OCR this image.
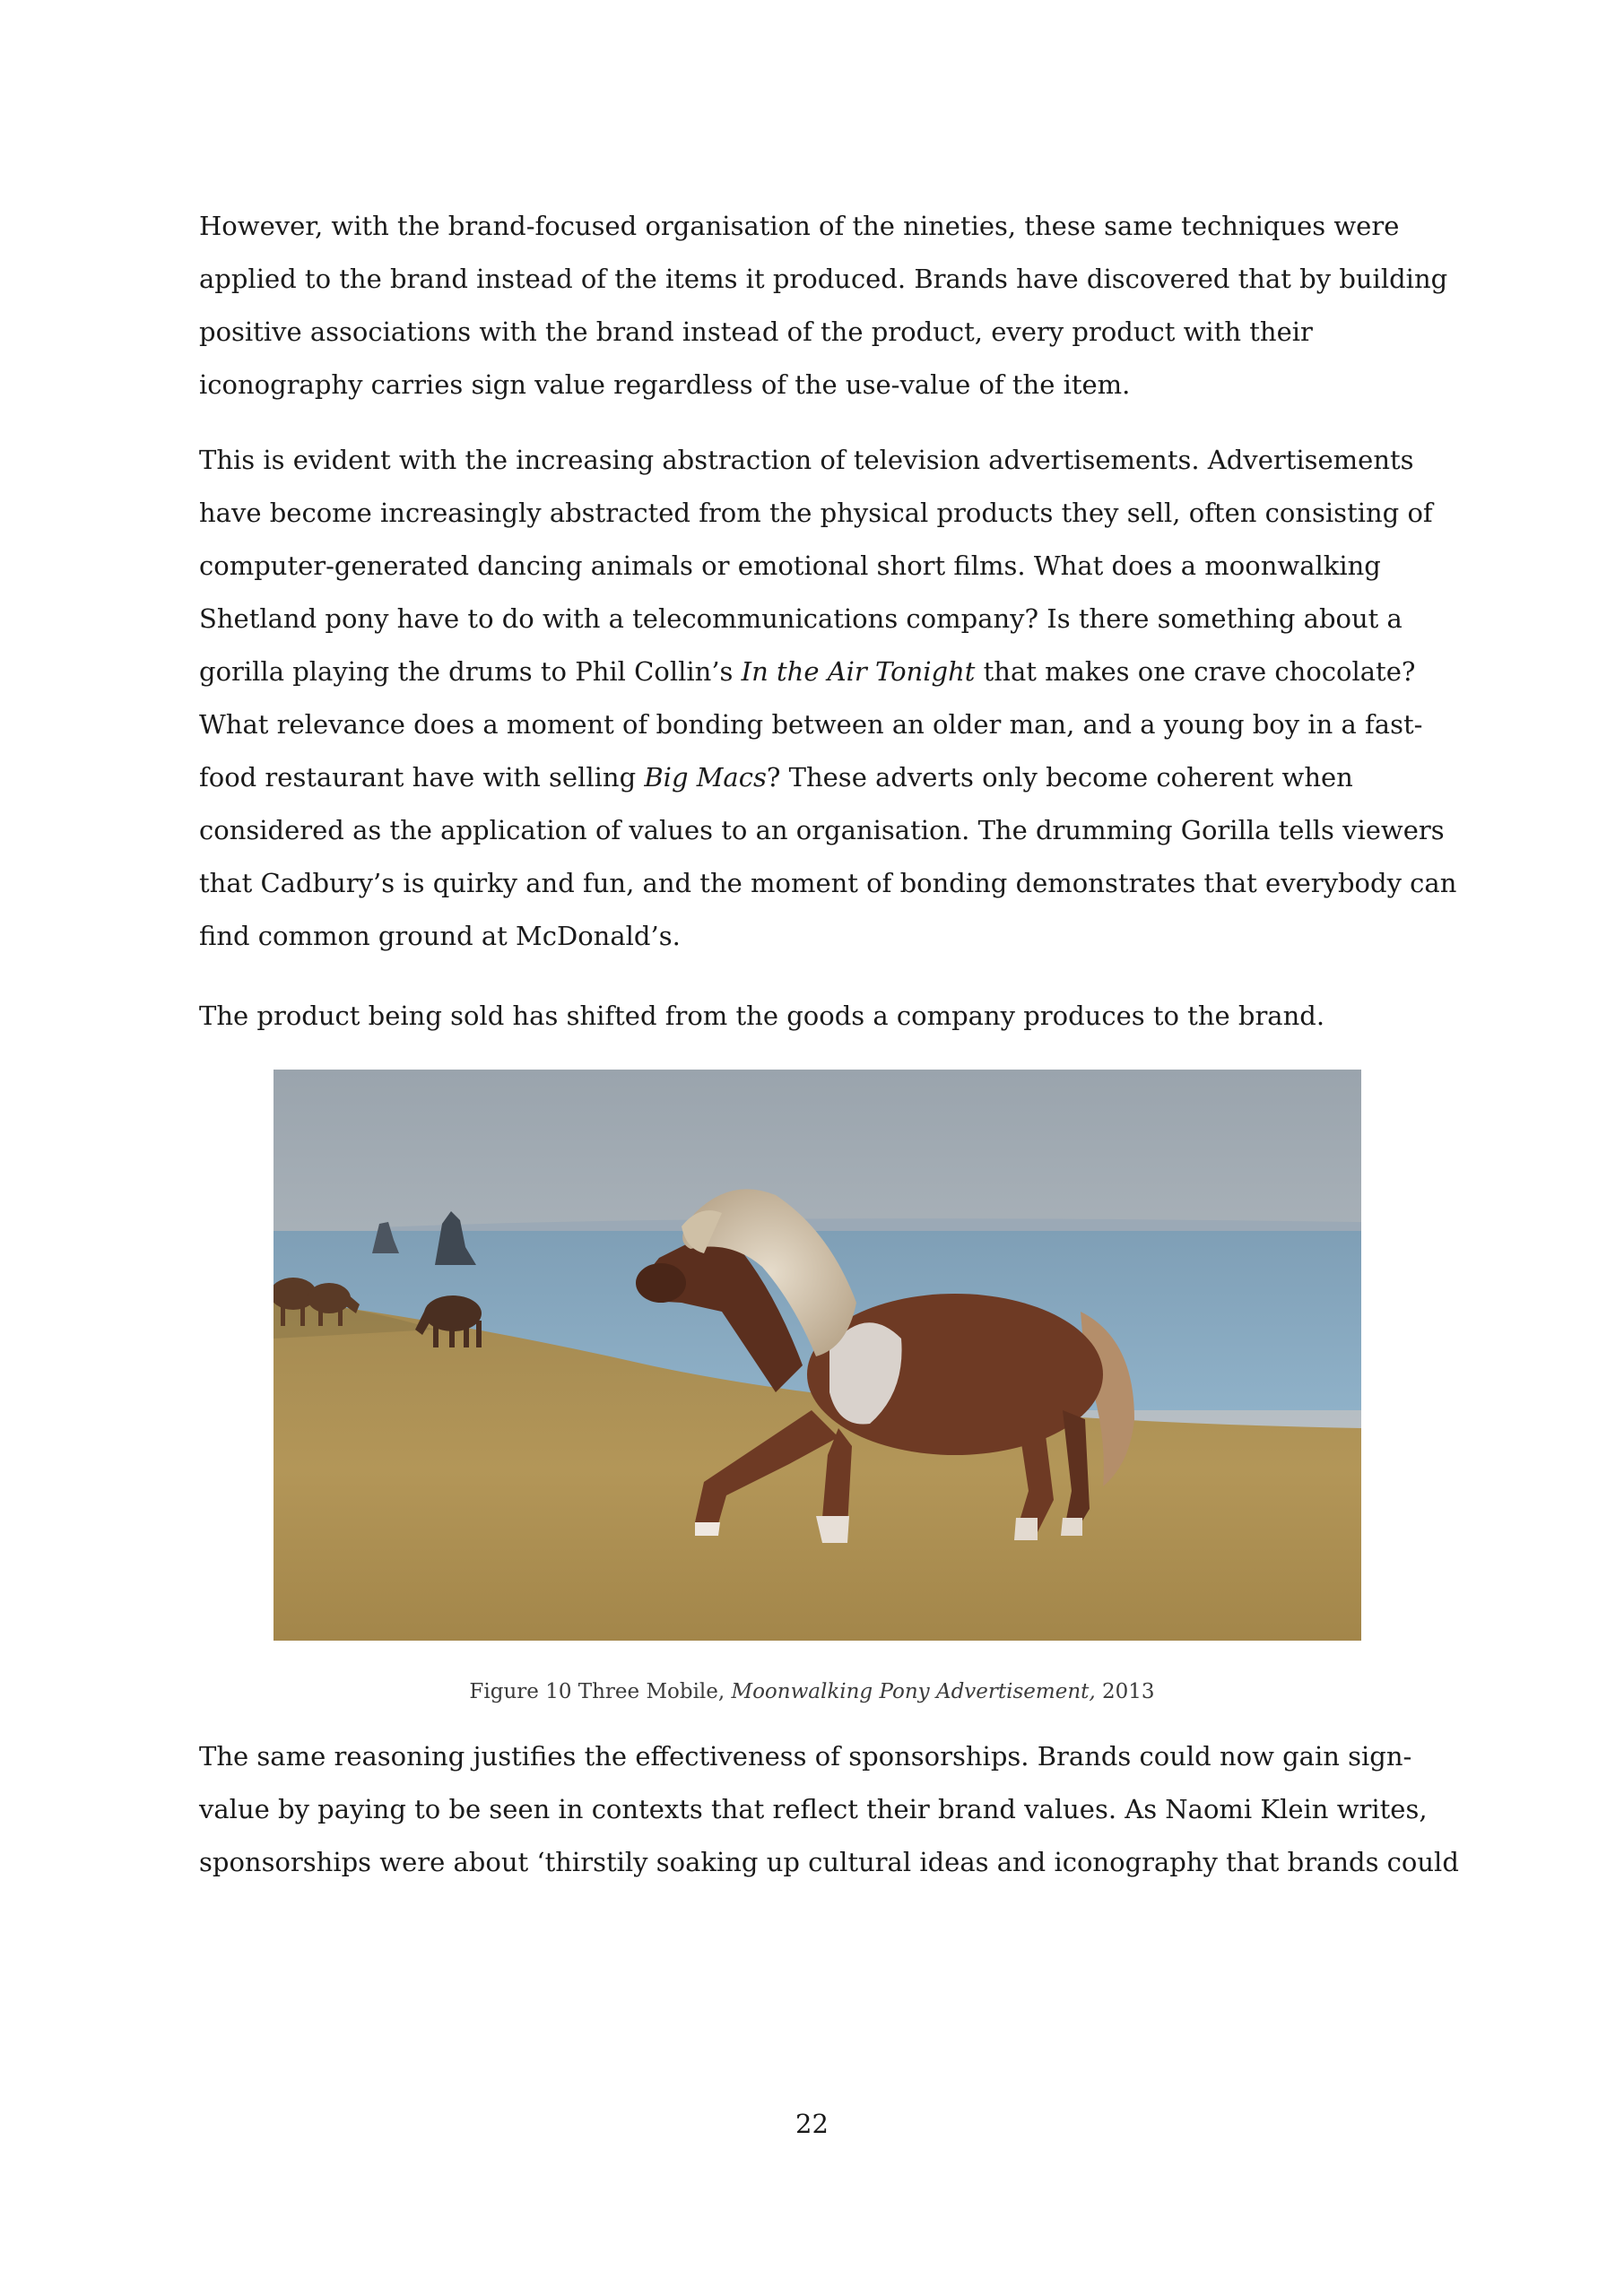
However, with the brand-focused organisation of the nineties, these same techniques were
applied to the brand instead of the items it produced. Brands have discovered that by building
positive associations with the brand instead of the product, every product with their
iconography carries sign value regardless of the use-value of the item.

This is evident with the increasing abstraction of television advertisements. Advertisements
have become increasingly abstracted from the physical products they sell, often consisting of
computer-generated dancing animals or emotional short films. What does a moonwalking
Shetland pony have to do with a telecommunications company? Is there something about a
gorilla playing the drums to Phil Collin’s In the Air Tonight that makes one crave chocolate?
What relevance does a moment of bonding between an older man, and a young boy in a fast-
food restaurant have with selling Big Macs? These adverts only become coherent when
considered as the application of values to an organisation. The drumming Gorilla tells viewers
that Cadbury’s is quirky and fun, and the moment of bonding demonstrates that everybody can
find common ground at McDonald’s.

The product being sold has shifted from the goods a company produces to the brand.

Figure 10 Three Mobile, Moonwalking Pony Advertisement, 2013

The same reasoning justifies the effectiveness of sponsorships. Brands could now gain sign-
value by paying to be seen in contexts that reflect their brand values. As Naomi Klein writes,
sponsorships were about ‘thirstily soaking up cultural ideas and iconography that brands could

22
